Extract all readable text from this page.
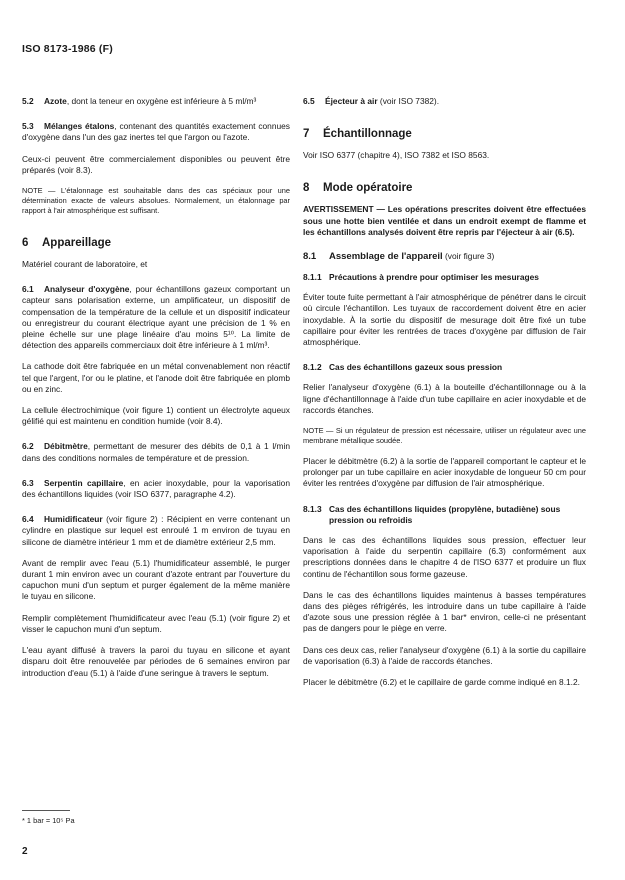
ISO 8173-1986 (F)

5.2 Azote, dont la teneur en oxygène est inférieure à 5 ml/m³

5.3 Mélanges étalons, contenant des quantités exactement connues d'oxygène dans l'un des gaz inertes tel que l'argon ou l'azote.

Ceux-ci peuvent être commercialement disponibles ou peuvent être préparés (voir 8.3).

NOTE — L'étalonnage est souhaitable dans des cas spéciaux pour une détermination exacte de valeurs absolues. Normalement, un étalonnage par rapport à l'air atmosphérique est suffisant.
6 Appareillage

Matériel courant de laboratoire, et

6.1 Analyseur d'oxygène, pour échantillons gazeux comportant un capteur sans polarisation externe, un amplificateur, un dispositif de compensation de la température de la cellule et un dispositif indicateur ou enregistreur du courant électrique ayant une précision de 1 % en pleine échelle sur une plage linéaire d'au moins 5¹⁰. La limite de détection des appareils commerciaux doit être inférieure à 1 ml/m³.

La cathode doit être fabriquée en un métal convenablement non réactif tel que l'argent, l'or ou le platine, et l'anode doit être fabriquée en plomb ou en zinc.

La cellule électrochimique (voir figure 1) contient un électrolyte aqueux gélifié qui est maintenu en condition humide (voir 8.4).

6.2 Débitmètre, permettant de mesurer des débits de 0,1 à 1 l/min dans des conditions normales de température et de pression.

6.3 Serpentin capillaire, en acier inoxydable, pour la vaporisation des échantillons liquides (voir ISO 6377, paragraphe 4.2).

6.4 Humidificateur (voir figure 2) : Récipient en verre contenant un cylindre en plastique sur lequel est enroulé 1 m environ de tuyau en silicone de diamètre intérieur 1 mm et de diamètre extérieur 2,5 mm.

Avant de remplir avec l'eau (5.1) l'humidificateur assemblé, le purger durant 1 min environ avec un courant d'azote entrant par l'ouverture du capuchon muni d'un septum et purger également de la même manière le tuyau en silicone.

Remplir complètement l'humidificateur avec l'eau (5.1) (voir figure 2) et visser le capuchon muni d'un septum.

L'eau ayant diffusé à travers la paroi du tuyau en silicone et ayant disparu doit être renouvelée par périodes de 6 semaines environ par introduction d'eau (5.1) à l'aide d'une seringue à travers le septum.

6.5 Éjecteur à air (voir ISO 7382).

7 Échantillonnage

Voir ISO 6377 (chapitre 4), ISO 7382 et ISO 8563.

8 Mode opératoire
AVERTISSEMENT — Les opérations prescrites doivent être effectuées sous une hotte bien ventilée et dans un endroit exempt de flamme et les échantillons analysés doivent être repris par l'éjecteur à air (6.5).
8.1 Assemblage de l'appareil (voir figure 3)
8.1.1 Précautions à prendre pour optimiser les mesurages

Éviter toute fuite permettant à l'air atmosphérique de pénétrer dans le circuit où circule l'échantillon. Les tuyaux de raccordement doivent être en acier inoxydable. À la sortie du dispositif de mesurage doit être fixé un tube capillaire pour éviter les rentrées de traces d'oxygène par diffusion de l'air atmosphérique.

8.1.2 Cas des échantillons gazeux sous pression

Relier l'analyseur d'oxygène (6.1) à la bouteille d'échantillonnage ou à la ligne d'échantillonnage à l'aide d'un tube capillaire en acier inoxydable et de raccords étanches.

NOTE — Si un régulateur de pression est nécessaire, utiliser un régulateur avec une membrane métallique soudée.

Placer le débitmètre (6.2) à la sortie de l'appareil comportant le capteur et le prolonger par un tube capillaire en acier inoxydable de longueur 50 cm pour éviter les rentrées d'oxygène par diffusion de l'air atmosphérique.

8.1.3 Cas des échantillons liquides (propylène, butadiène) sous pression ou refroidis

Dans le cas des échantillons liquides sous pression, effectuer leur vaporisation à l'aide du serpentin capillaire (6.3) conformément aux prescriptions données dans le chapitre 4 de l'ISO 6377 et produire un flux continu de l'échantillon sous forme gazeuse.

Dans le cas des échantillons liquides maintenus à basses températures dans des pièges réfrigérés, les introduire dans un tube capillaire à l'aide d'azote sous une pression réglée à 1 bar* environ, celle-ci ne présentant pas de dangers pour le piège en verre.

Dans ces deux cas, relier l'analyseur d'oxygène (6.1) à la sortie du capillaire de vaporisation (6.3) à l'aide de raccords étanches.

Placer le débitmètre (6.2) et le capillaire de garde comme indiqué en 8.1.2.

* 1 bar = 10⁵ Pa
2
